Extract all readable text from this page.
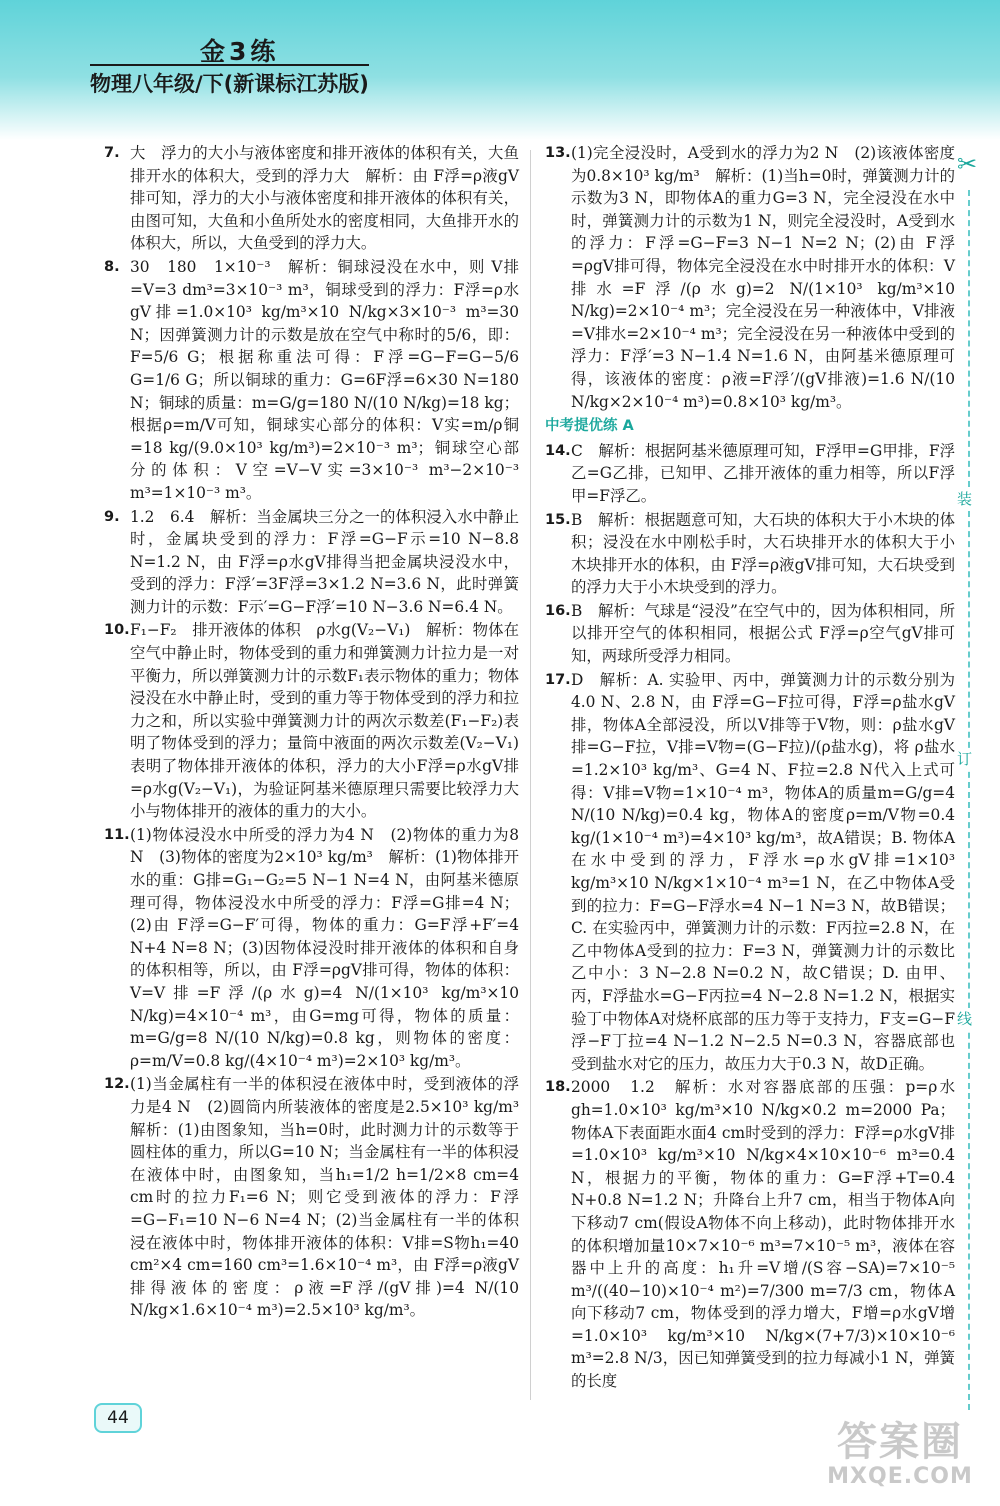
金3练
物理八年级/下(新课标江苏版)
7. 大　浮力的大小与液体密度和排开液体的体积有关，大鱼排开水的体积大，受到的浮力大　解析：由 F浮=ρ液gV排可知，浮力的大小与液体密度和排开液体的体积有关，由图可知，大鱼和小鱼所处水的密度相同，大鱼排开水的体积大，所以，大鱼受到的浮力大。
8. 30　180　1×10⁻³　解析：铜球浸没在水中，则 V排=V=3 dm³=3×10⁻³ m³，铜球受到的浮力：F浮=ρ水gV排=1.0×10³ kg/m³×10 N/kg×3×10⁻³ m³=30 N；因弹簧测力计的示数是放在空气中称时的5/6，即：F=5/6 G；根据称重法可得：F浮=G−F=G−5/6 G=1/6 G；所以铜球的重力：G=6F浮=6×30 N=180 N；铜球的质量：m=G/g=180 N/(10 N/kg)=18 kg；根据ρ=m/V可知，铜球实心部分的体积：V实=m/ρ铜=18 kg/(9.0×10³ kg/m³)=2×10⁻³ m³；铜球空心部分的体积：V空=V−V实=3×10⁻³ m³−2×10⁻³ m³=1×10⁻³ m³。
9. 1.2　6.4　解析：当金属块三分之一的体积浸入水中静止时，金属块受到的浮力：F浮=G−F示=10 N−8.8 N=1.2 N，由 F浮=ρ水gV排得当把金属块浸没水中，受到的浮力：F浮′=3F浮=3×1.2 N=3.6 N，此时弹簧测力计的示数：F示′=G−F浮′=10 N−3.6 N=6.4 N。
10. F₁−F₂　排开液体的体积　ρ水g(V₂−V₁)　解析：物体在空气中静止时，物体受到的重力和弹簧测力计拉力是一对平衡力，所以弹簧测力计的示数F₁表示物体的重力；物体浸没在水中静止时，受到的重力等于物体受到的浮力和拉力之和，所以实验中弹簧测力计的两次示数差(F₁−F₂)表明了物体受到的浮力；量筒中液面的两次示数差(V₂−V₁)表明了物体排开液体的体积，浮力的大小F浮=ρ水gV排=ρ水g(V₂−V₁)，为验证阿基米德原理只需要比较浮力大小与物体排开的液体的重力的大小。
11. (1)物体浸没水中所受的浮力为4 N　(2)物体的重力为8 N　(3)物体的密度为2×10³ kg/m³　解析：(1)物体排开水的重：G排=G₁−G₂=5 N−1 N=4 N，由阿基米德原理可得，物体浸没水中所受的浮力：F浮=G排=4 N；(2)由 F浮=G−F′可得，物体的重力：G=F浮+F′=4 N+4 N=8 N；(3)因物体浸没时排开液体的体积和自身的体积相等，所以，由 F浮=ρgV排可得，物体的体积：V=V排=F浮/(ρ水g)=4 N/(1×10³ kg/m³×10 N/kg)=4×10⁻⁴ m³，由G=mg可得，物体的质量：m=G/g=8 N/(10 N/kg)=0.8 kg，则物体的密度：ρ=m/V=0.8 kg/(4×10⁻⁴ m³)=2×10³ kg/m³。
12. (1)当金属柱有一半的体积浸在液体中时，受到液体的浮力是4 N　(2)圆筒内所装液体的密度是2.5×10³ kg/m³　解析：(1)由图象知，当h=0时，此时测力计的示数等于圆柱体的重力，所以G=10 N；当金属柱有一半的体积浸在液体中时，由图象知，当h₁=1/2 h=1/2×8 cm=4 cm时的拉力F₁=6 N；则它受到液体的浮力：F浮=G−F₁=10 N−6 N=4 N；(2)当金属柱有一半的体积浸在液体中时，物体排开液体的体积：V排=S物h₁=40 cm²×4 cm=160 cm³=1.6×10⁻⁴ m³，由 F浮=ρ液gV排得液体的密度：ρ液=F浮/(gV排)=4 N/(10 N/kg×1.6×10⁻⁴ m³)=2.5×10³ kg/m³。
13. (1)完全浸没时，A受到水的浮力为2 N　(2)该液体密度为0.8×10³ kg/m³　解析：(1)当h=0时，弹簧测力计的示数为3 N，即物体A的重力G=3 N，完全浸没在水中时，弹簧测力计的示数为1 N，则完全浸没时，A受到水的浮力：F浮=G−F=3 N−1 N=2 N；(2)由 F浮=ρgV排可得，物体完全浸没在水中时排开水的体积：V排水=F浮/(ρ水g)=2 N/(1×10³ kg/m³×10 N/kg)=2×10⁻⁴ m³；完全浸没在另一种液体中，V排液=V排水=2×10⁻⁴ m³；完全浸没在另一种液体中受到的浮力：F浮′=3 N−1.4 N=1.6 N，由阿基米德原理可得，该液体的密度：ρ液=F浮′/(gV排液)=1.6 N/(10 N/kg×2×10⁻⁴ m³)=0.8×10³ kg/m³。
中考提优练 A
14. C　解析：根据阿基米德原理可知，F浮甲=G甲排，F浮乙=G乙排，已知甲、乙排开液体的重力相等，所以F浮甲=F浮乙。
15. B　解析：根据题意可知，大石块的体积大于小木块的体积；浸没在水中刚松手时，大石块排开水的体积大于小木块排开水的体积，由 F浮=ρ液gV排可知，大石块受到的浮力大于小木块受到的浮力。
16. B　解析：气球是“浸没”在空气中的，因为体积相同，所以排开空气的体积相同，根据公式 F浮=ρ空气gV排可知，两球所受浮力相同。
17. D　解析：A. 实验甲、丙中，弹簧测力计的示数分别为4.0 N、2.8 N，由 F浮=G−F拉可得，F浮=ρ盐水gV排，物体A全部浸没，所以V排等于V物，则：ρ盐水gV排=G−F拉，V排=V物=(G−F拉)/(ρ盐水g)，将 ρ盐水=1.2×10³ kg/m³、G=4 N、F拉=2.8 N代入上式可得：V排=V物=1×10⁻⁴ m³，物体A的质量m=G/g=4 N/(10 N/kg)=0.4 kg，物体A的密度ρ=m/V物=0.4 kg/(1×10⁻⁴ m³)=4×10³ kg/m³，故A错误；B. 物体A在水中受到的浮力，F浮水=ρ水gV排=1×10³ kg/m³×10 N/kg×1×10⁻⁴ m³=1 N，在乙中物体A受到的拉力：F=G−F浮水=4 N−1 N=3 N，故B错误；C. 在实验丙中，弹簧测力计的示数：F丙拉=2.8 N，在乙中物体A受到的拉力：F=3 N，弹簧测力计的示数比乙中小：3 N−2.8 N=0.2 N，故C错误；D. 由甲、丙，F浮盐水=G−F丙拉=4 N−2.8 N=1.2 N，根据实验丁中物体A对烧杯底部的压力等于支持力，F支=G−F浮−F丁拉=4 N−1.2 N−2.5 N=0.3 N，容器底部也受到盐水对它的压力，故压力大于0.3 N，故D正确。
18. 2000　1.2　解析：水对容器底部的压强：p=ρ水gh=1.0×10³ kg/m³×10 N/kg×0.2 m=2000 Pa；物体A下表面距水面4 cm时受到的浮力：F浮=ρ水gV排=1.0×10³ kg/m³×10 N/kg×4×10×10⁻⁶ m³=0.4 N，根据力的平衡，物体的重力：G=F浮+T=0.4 N+0.8 N=1.2 N；升降台上升7 cm，相当于物体A向下移动7 cm(假设A物体不向上移动)，此时物体排开水的体积增加量10×7×10⁻⁶ m³=7×10⁻⁵ m³，液体在容器中上升的高度：h₁升=V增/(S容−SA)=7×10⁻⁵ m³/((40−10)×10⁻⁴ m²)=7/300 m=7/3 cm，物体A向下移动7 cm，物体受到的浮力增大，F增=ρ水gV增=1.0×10³ kg/m³×10 N/kg×(7+7/3)×10×10⁻⁶ m³=2.8 N/3，因已知弹簧受到的拉力每减小1 N，弹簧的长度
✂
装
订
线
44
答案圈
MXQE.COM
